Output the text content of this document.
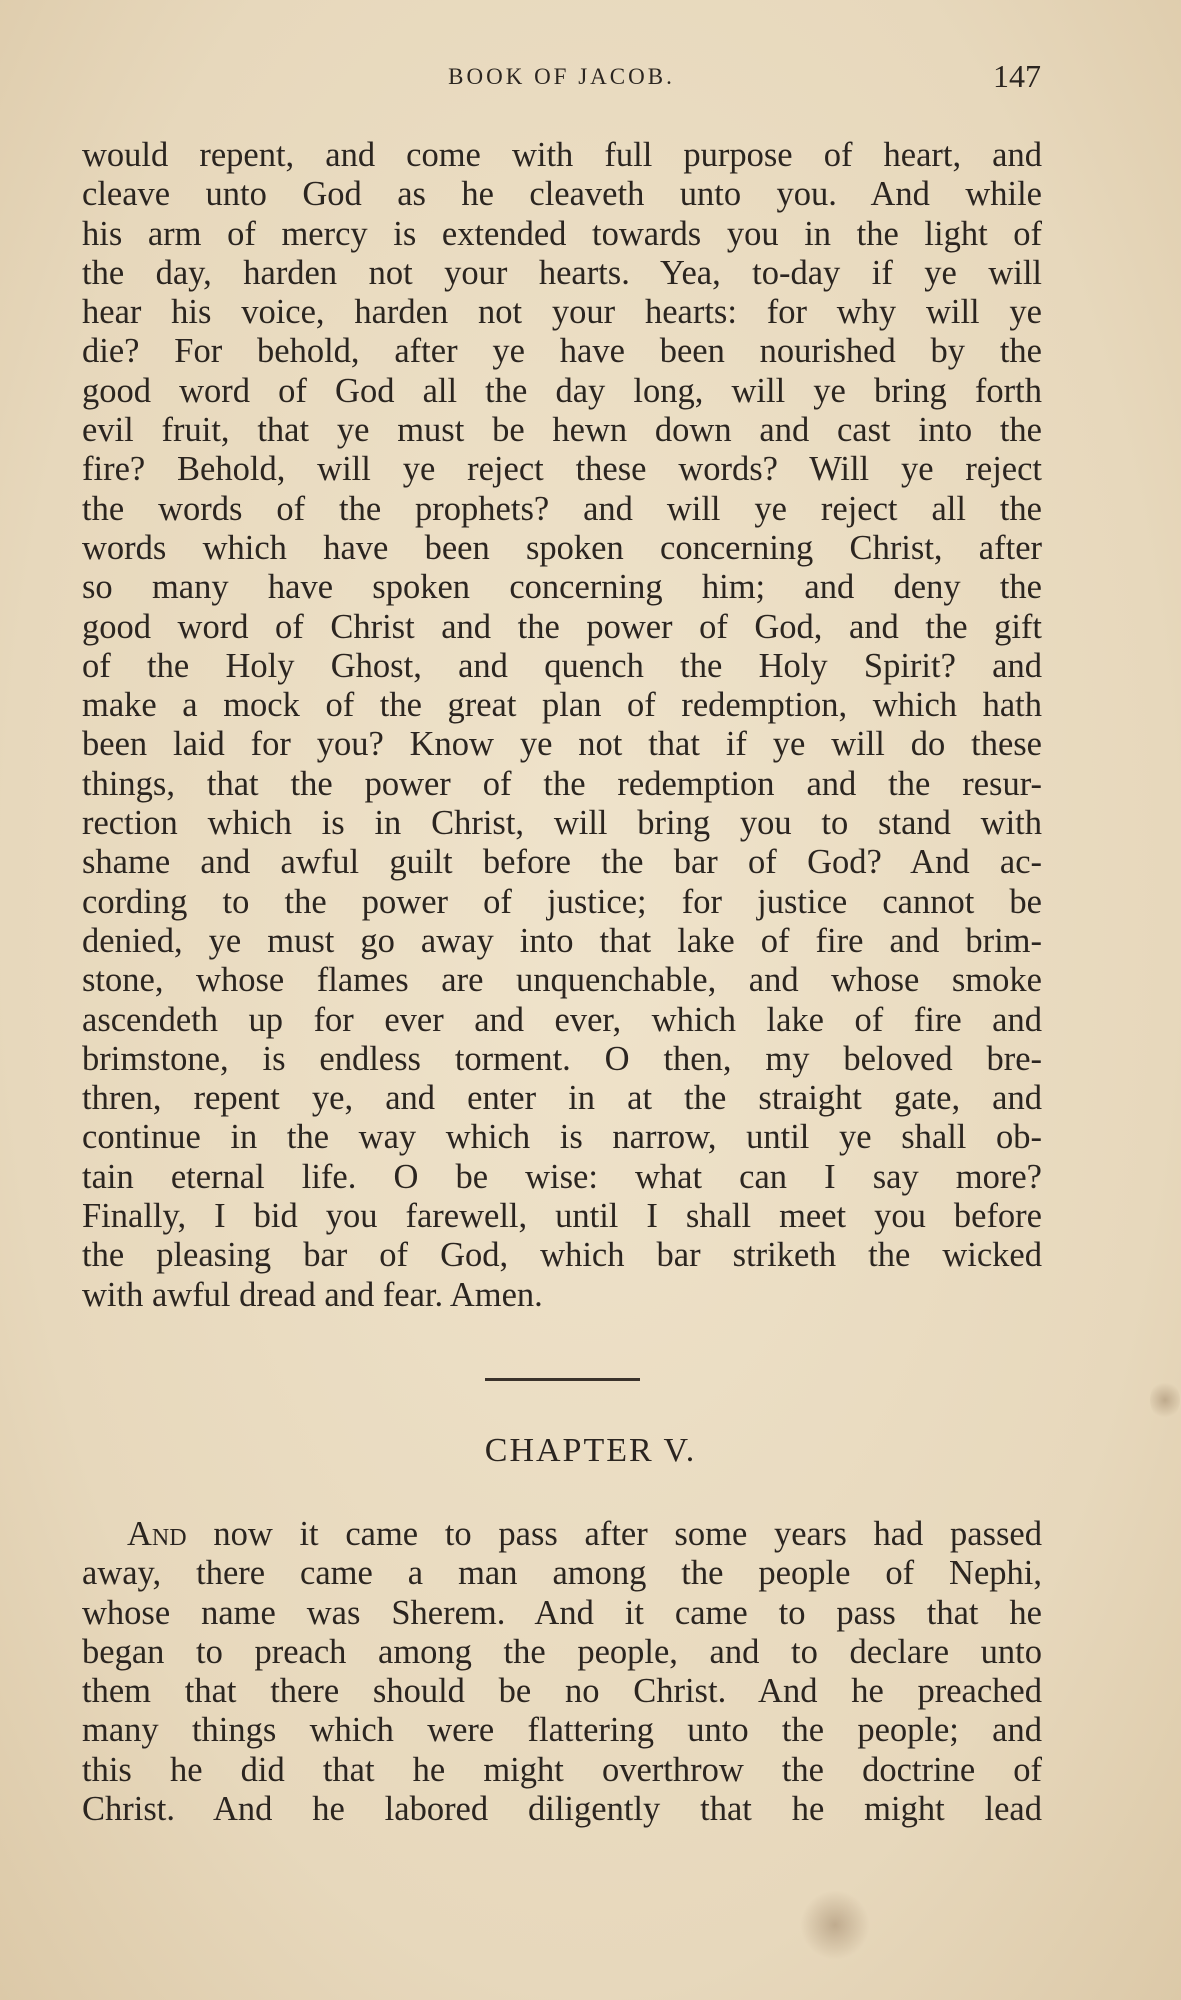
BOOK OF JACOB.	147
would repent, and come with full purpose of heart, and
cleave unto God as he cleaveth unto you. And while
his arm of mercy is extended towards you in the light of
the day, harden not your hearts. Yea, to-day if ye will
hear his voice, harden not your hearts: for why will ye
die? For behold, after ye have been nourished by the
good word of God all the day long, will ye bring forth
evil fruit, that ye must be hewn down and cast into the
fire? Behold, will ye reject these words? Will ye reject
the words of the prophets? and will ye reject all the
words which have been spoken concerning Christ, after
so many have spoken concerning him; and deny the
good word of Christ and the power of God, and the gift
of the Holy Ghost, and quench the Holy Spirit? and
make a mock of the great plan of redemption, which hath
been laid for you? Know ye not that if ye will do these
things, that the power of the redemption and the resur-
rection which is in Christ, will bring you to stand with
shame and awful guilt before the bar of God? And ac-
cording to the power of justice; for justice cannot be
denied, ye must go away into that lake of fire and brim-
stone, whose flames are unquenchable, and whose smoke
ascendeth up for ever and ever, which lake of fire and
brimstone, is endless torment. O then, my beloved bre-
thren, repent ye, and enter in at the straight gate, and
continue in the way which is narrow, until ye shall ob-
tain eternal life. O be wise: what can I say more?
Finally, I bid you farewell, until I shall meet you before
the pleasing bar of God, which bar striketh the wicked
with awful dread and fear. Amen.
CHAPTER V.
And now it came to pass after some years had passed
away, there came a man among the people of Nephi,
whose name was Sherem. And it came to pass that he
began to preach among the people, and to declare unto
them that there should be no Christ. And he preached
many things which were flattering unto the people; and
this he did that he might overthrow the doctrine of
Christ. And he labored diligently that he might lead
